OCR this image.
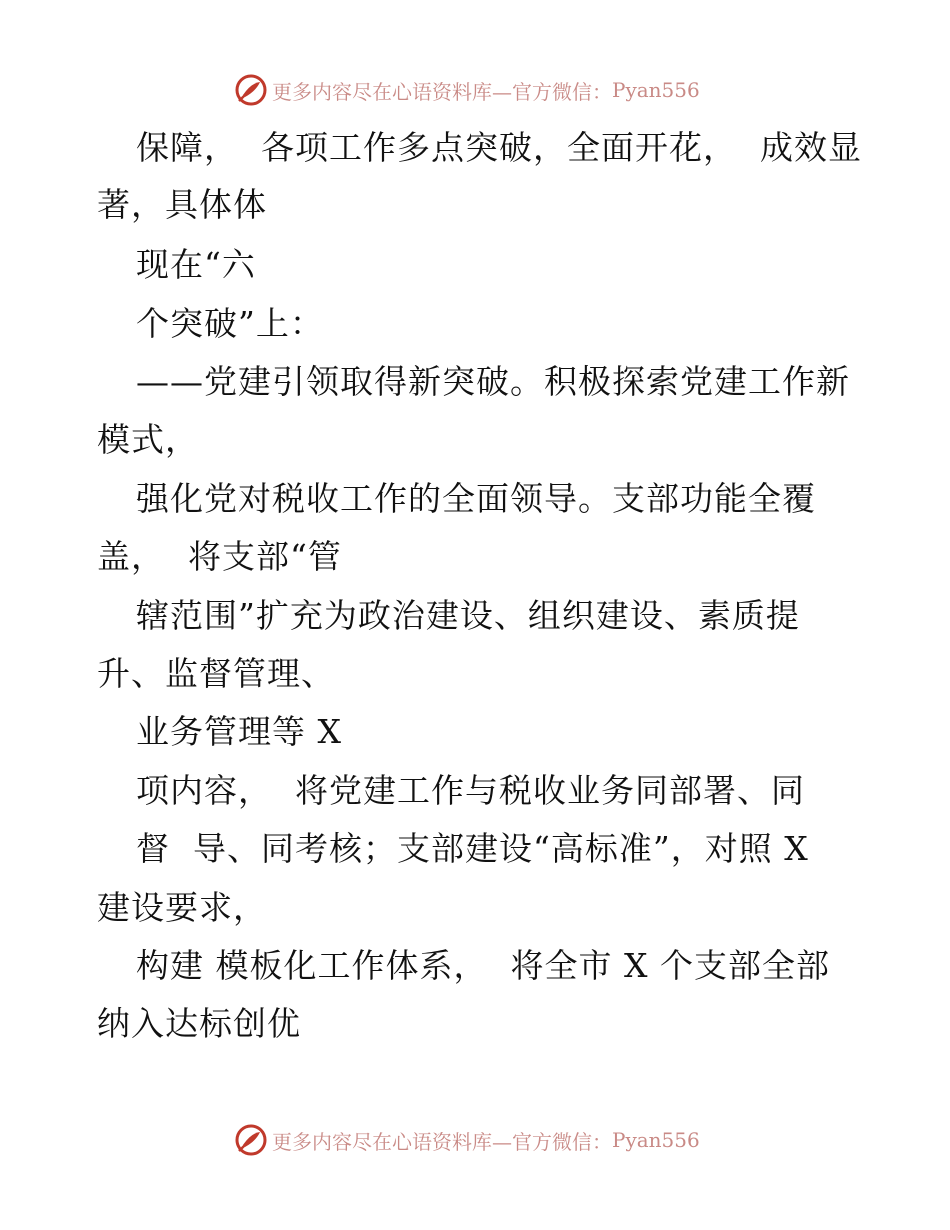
更多内容尽在心语资料库—官方微信： Pyan556

保障，  各项工作多点突破，全面开花，  成效显

著，具体体

现在“六

个突破”上：

——党建引领取得新突破。积极探索党建工作新

模式，

强化党对税收工作的全面领导。支部功能全覆

盖，  将支部“管

辖范围”扩充为政治建设、组织建设、素质提

升、监督管理、

业务管理等 X

项内容，  将党建工作与税收业务同部署、同

督  导、同考核；支部建设“高标准”，对照 X

建设要求，

构建 模板化工作体系，  将全市 X 个支部全部

纳入达标创优

更多内容尽在心语资料库—官方微信： Pyan556
